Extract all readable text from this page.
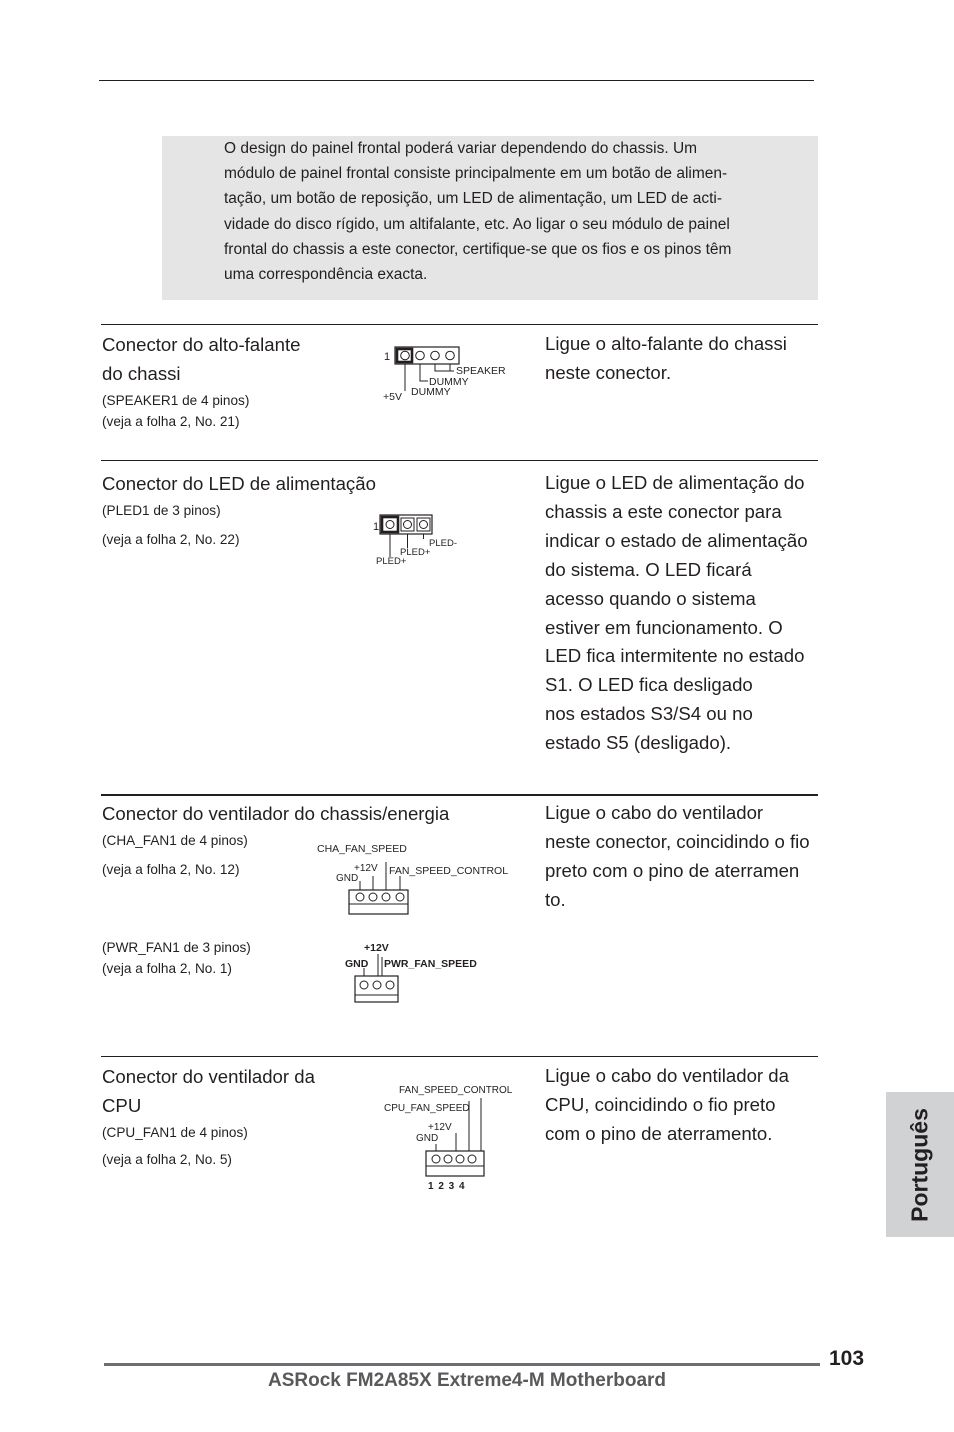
O design do painel frontal poderá variar dependendo do chassis. Um
módulo de painel frontal consiste principalmente em um botão de alimen-
tação, um botão de reposição, um LED de alimentação, um LED de acti-
vidade do disco rígido, um altifalante, etc. Ao ligar o seu módulo de painel
frontal do chassis a este conector, certifique-se que os fios e os pinos têm
uma correspondência exacta.

Conector do alto-falante
do chassi
(SPEAKER1 de 4 pinos)
(veja a folha 2, No. 21)
1
SPEAKER
DUMMY
DUMMY
+5V
Ligue o alto-falante do chassi
neste conector.
Conector do LED de alimentação
(PLED1 de 3 pinos)
(veja a folha 2, No. 22)
1
PLED-
PLED+
PLED+
Ligue o LED de alimentação do
chassis a este conector para
indicar o estado de alimentação
do sistema. O LED ficará
acesso quando o sistema
estiver em funcionamento. O
LED fica intermitente no estado
S1. O LED fica desligado
nos estados S3/S4 ou no
estado S5 (desligado).
Conector do ventilador do chassis/energia
(CHA_FAN1 de 4 pinos)
(veja a folha 2, No. 12)
(PWR_FAN1 de 3 pinos)
(veja a folha 2, No. 1)
CHA_FAN_SPEED
+12V
GND
FAN_SPEED_CONTROL
+12V
GND PWR_FAN_SPEED
Ligue o cabo do ventilador
neste conector, coincidindo o fio
preto com o pino de aterramen
to.
Conector do ventilador da
CPU
(CPU_FAN1 de 4 pinos)
(veja a folha 2, No. 5)
FAN_SPEED_CONTROL
CPU_FAN_SPEED
+12V
GND
1 2 3 4
Ligue o cabo do ventilador da
CPU, coincidindo o fio preto
com o pino de aterramento.	Português
103
ASRock FM2A85X Extreme4-M Motherboard
